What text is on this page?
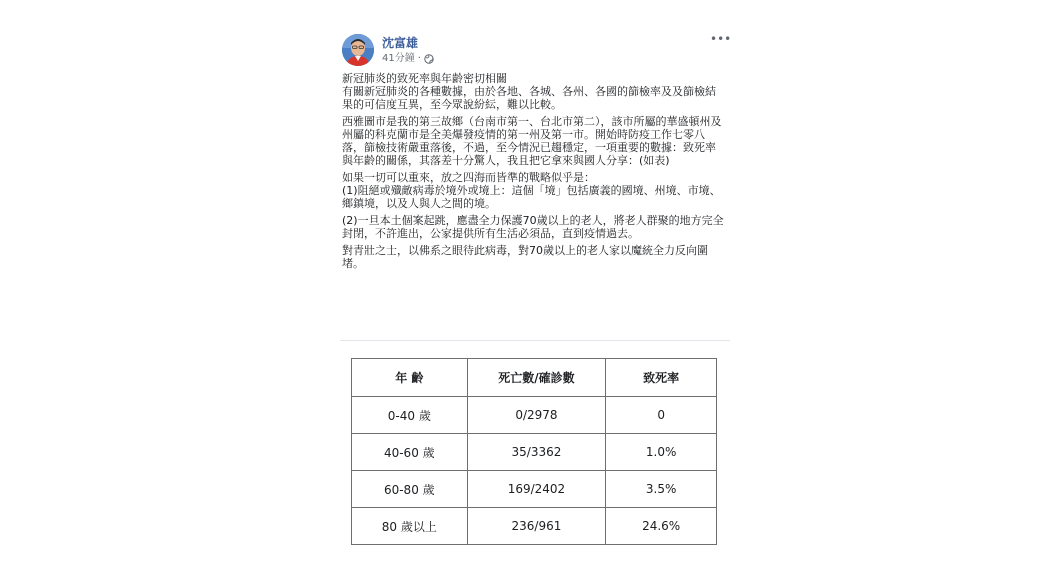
沈富雄
41分鐘 ·
•••

新冠肺炎的致死率與年齡密切相關
有關新冠肺炎的各種數據，由於各地、各城、各州、各國的篩檢率及及篩檢結果的可信度互異，至今眾說紛紜，難以比較。

西雅圖市是我的第三故鄉（台南市第一、台北市第二），該市所屬的華盛頓州及州屬的科克蘭市是全美爆發疫情的第一州及第一市。開始時防疫工作七零八落，篩檢技術嚴重落後，不過，至今情況已趨穩定，一項重要的數據：致死率與年齡的關係，其落差十分驚人，我且把它拿來與國人分享：(如表)

如果一切可以重來，放之四海而皆準的戰略似乎是：
(1)阻絕或殲敵病毒於境外或境上：這個「境」包括廣義的國境、州境、市境、鄉鎮境，以及人與人之間的境。

(2)一旦本土個案起跳，應盡全力保護70歲以上的老人，將老人群聚的地方完全封閉，不許進出，公家提供所有生活必須品，直到疫情過去。

對青壯之士，以佛系之眼待此病毒，對70歲以上的老人家以魔統全力反向圍堵。

年 齡	死亡數/確診數	致死率
0-40 歲	0/2978	0
40-60 歲	35/3362	1.0%
60-80 歲	169/2402	3.5%
80 歲以上	236/961	24.6%
